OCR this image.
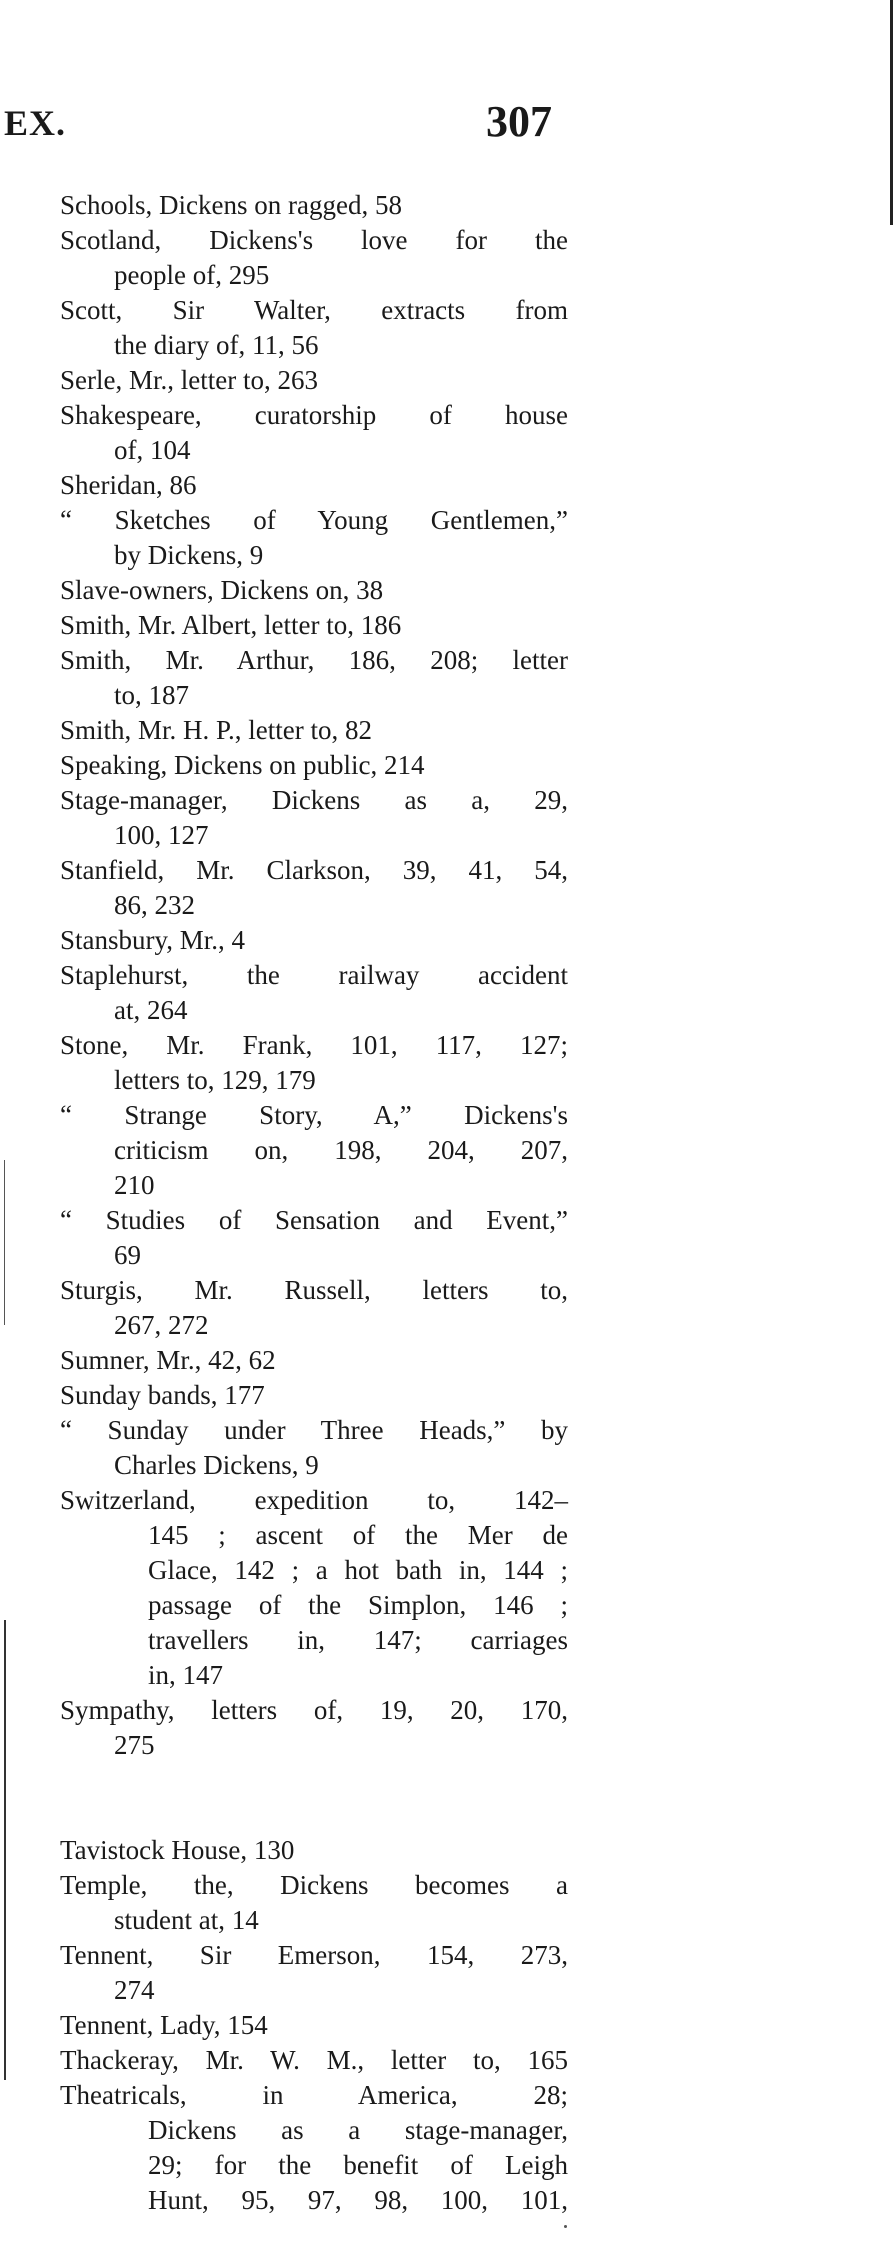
EX.	307
Schools, Dickens on ragged, 58
Scotland, Dickens's love for the
people of, 295
Scott, Sir Walter, extracts from
the diary of, 11, 56
Serle, Mr., letter to, 263
Shakespeare, curatorship of house
of, 104
Sheridan, 86
“ Sketches of Young Gentlemen,”
by Dickens, 9
Slave-owners, Dickens on, 38
Smith, Mr. Albert, letter to, 186
Smith, Mr. Arthur, 186, 208; letter
to, 187
Smith, Mr. H. P., letter to, 82
Speaking, Dickens on public, 214
Stage-manager, Dickens as a, 29,
100, 127
Stanfield, Mr. Clarkson, 39, 41, 54,
86, 232
Stansbury, Mr., 4
Staplehurst, the railway accident
at, 264
Stone, Mr. Frank, 101, 117, 127;
letters to, 129, 179
“ Strange Story, A,” Dickens's
criticism on, 198, 204, 207,
210
“ Studies of Sensation and Event,”
69
Sturgis, Mr. Russell, letters to,
267, 272
Sumner, Mr., 42, 62
Sunday bands, 177
“ Sunday under Three Heads,” by
Charles Dickens, 9
Switzerland, expedition to, 142–
145 ; ascent of the Mer de
Glace, 142 ; a hot bath in, 144 ;
passage of the Simplon, 146 ;
travellers in, 147; carriages
in, 147
Sympathy, letters of, 19, 20, 170,
275
Tavistock House, 130
Temple, the, Dickens becomes a
student at, 14
Tennent, Sir Emerson, 154, 273,
274
Tennent, Lady, 154
Thackeray, Mr. W. M., letter to, 165
Theatricals, in America, 28;
Dickens as a stage-manager,
29; for the benefit of Leigh
Hunt, 95, 97, 98, 100, 101,
